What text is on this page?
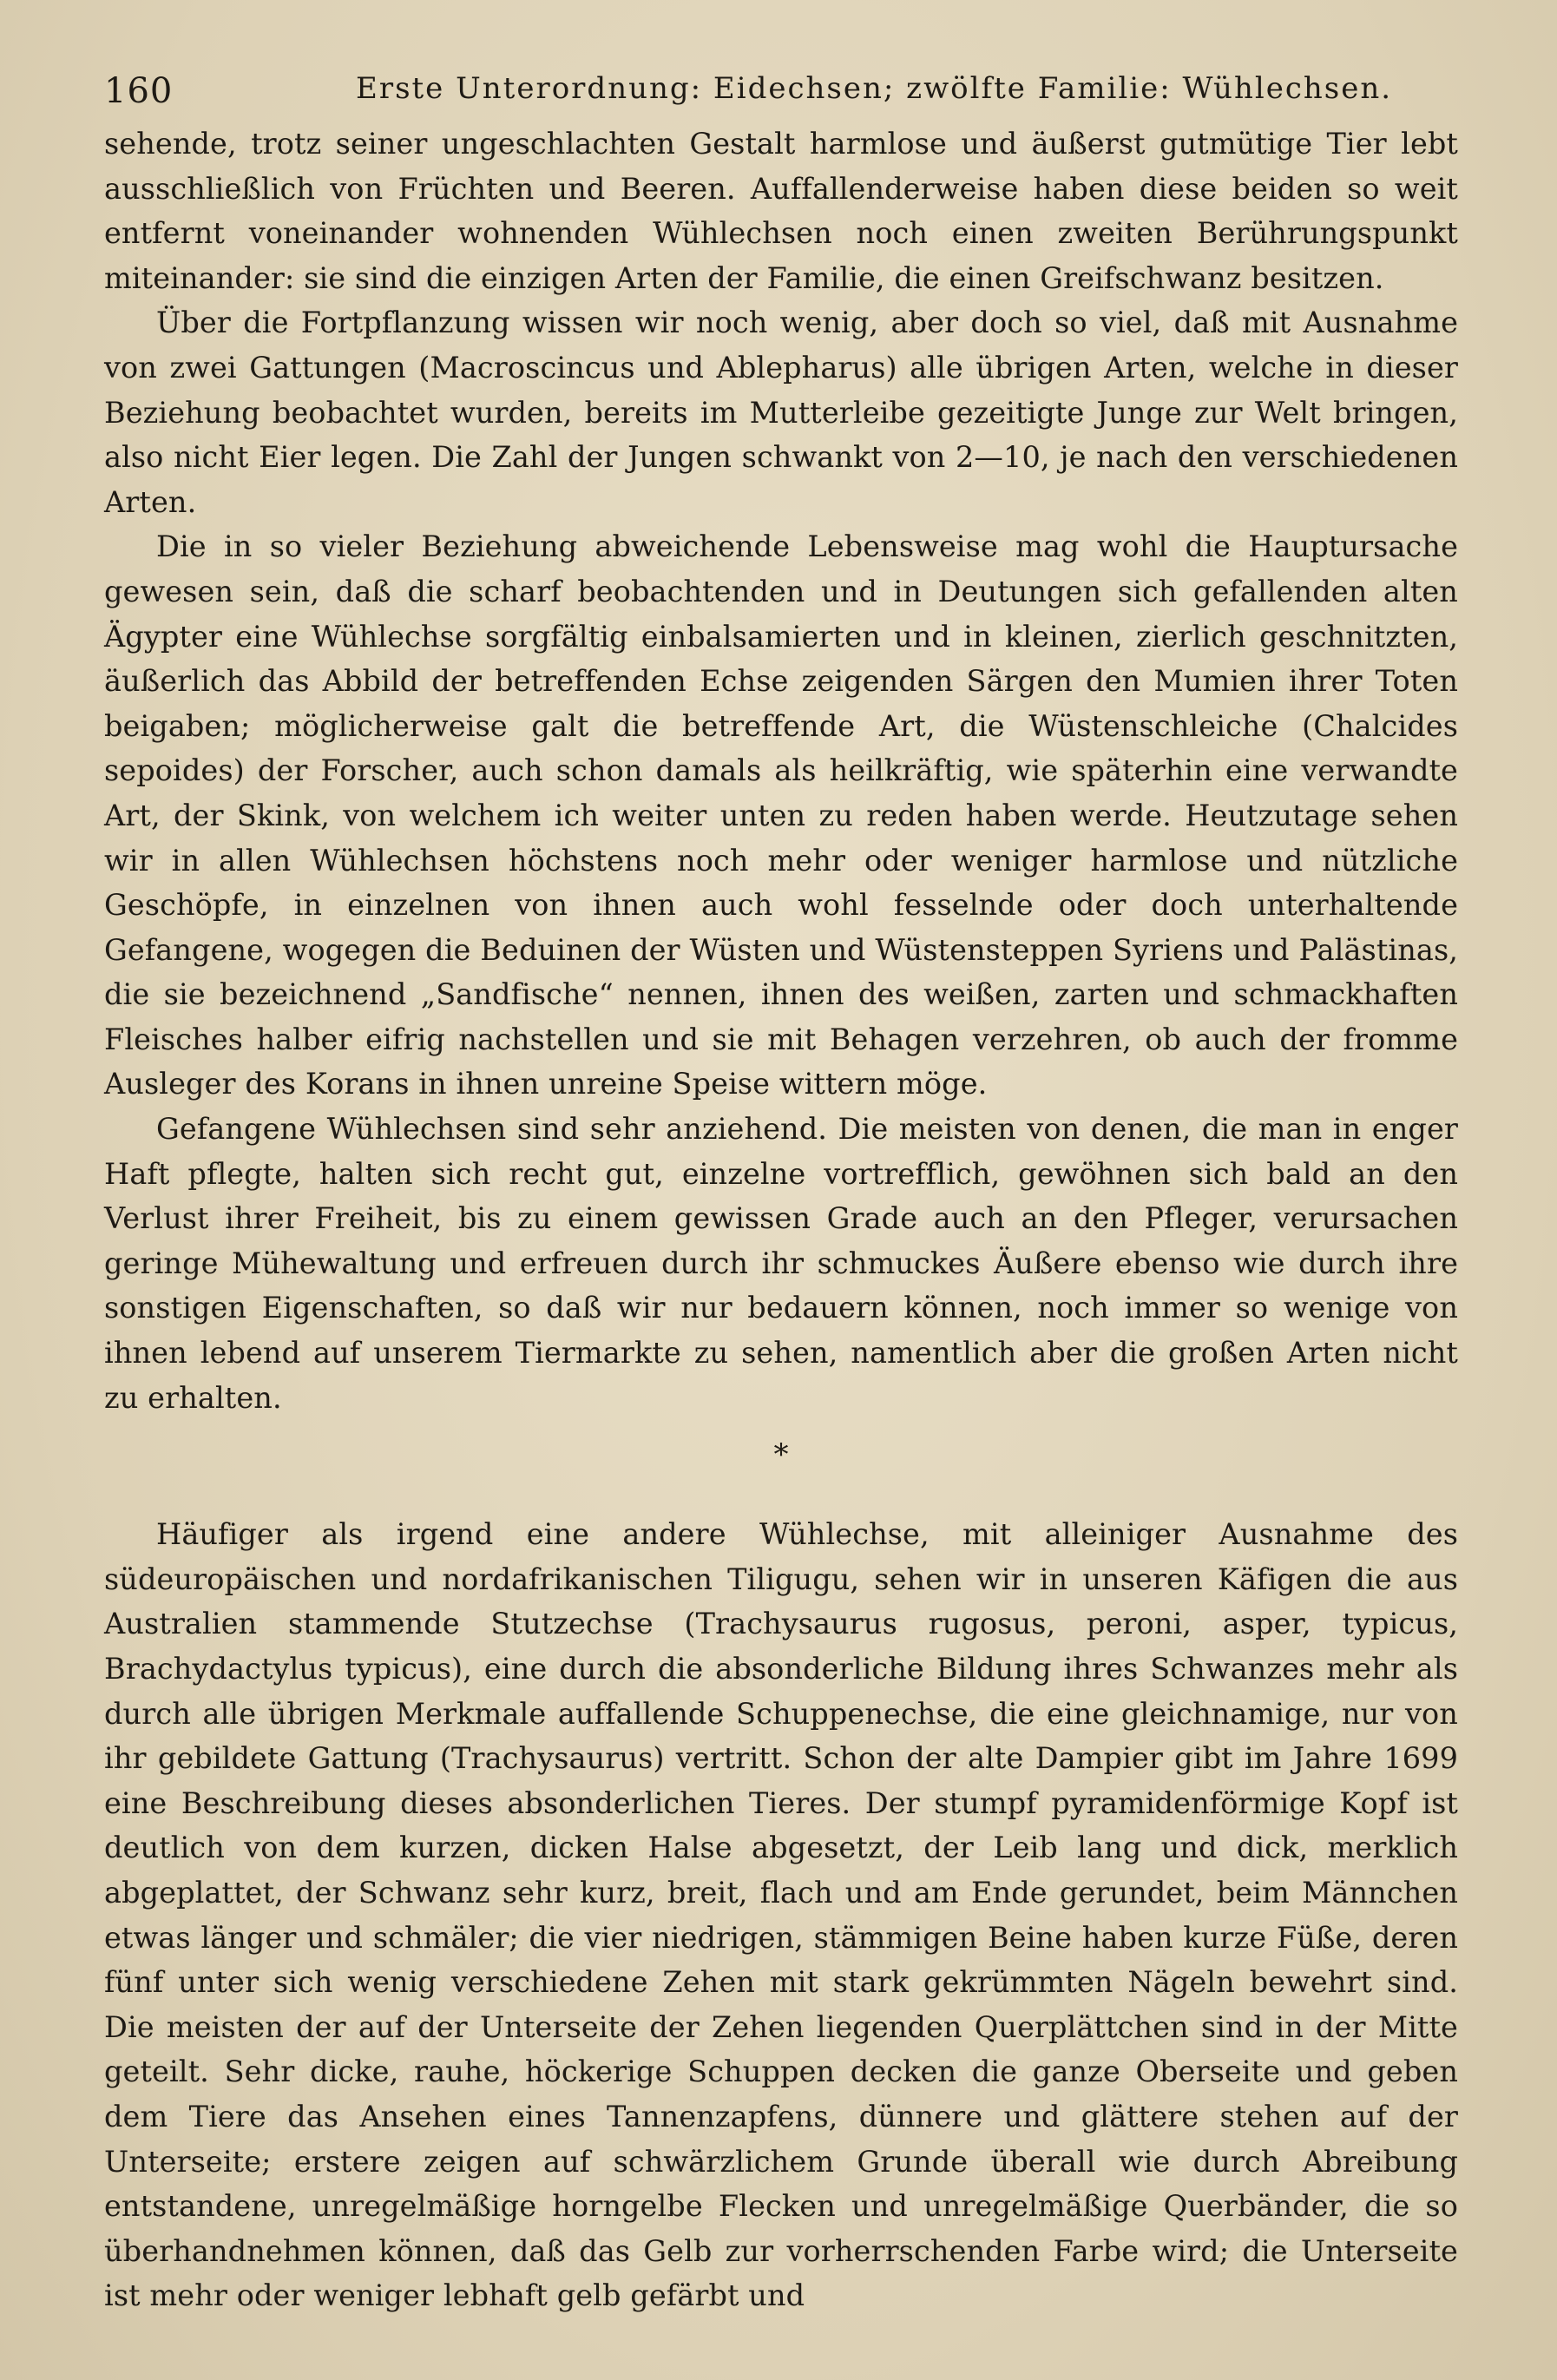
160	Erste Unterordnung: Eidechsen; zwölfte Familie: Wühlechsen.

sehende, trotz seiner ungeschlachten Gestalt harmlose und äußerst gutmütige Tier lebt ausschließlich von Früchten und Beeren. Auffallenderweise haben diese beiden so weit entfernt voneinander wohnenden Wühlechsen noch einen zweiten Berührungspunkt miteinander: sie sind die einzigen Arten der Familie, die einen Greifschwanz besitzen.

Über die Fortpflanzung wissen wir noch wenig, aber doch so viel, daß mit Ausnahme von zwei Gattungen (Macroscincus und Ablepharus) alle übrigen Arten, welche in dieser Beziehung beobachtet wurden, bereits im Mutterleibe gezeitigte Junge zur Welt bringen, also nicht Eier legen. Die Zahl der Jungen schwankt von 2—10, je nach den verschiedenen Arten.

Die in so vieler Beziehung abweichende Lebensweise mag wohl die Hauptursache gewesen sein, daß die scharf beobachtenden und in Deutungen sich gefallenden alten Ägypter eine Wühlechse sorgfältig einbalsamierten und in kleinen, zierlich geschnitzten, äußerlich das Abbild der betreffenden Echse zeigenden Särgen den Mumien ihrer Toten beigaben; möglicherweise galt die betreffende Art, die Wüstenschleiche (Chalcides sepoides) der Forscher, auch schon damals als heilkräftig, wie späterhin eine verwandte Art, der Skink, von welchem ich weiter unten zu reden haben werde. Heutzutage sehen wir in allen Wühlechsen höchstens noch mehr oder weniger harmlose und nützliche Geschöpfe, in einzelnen von ihnen auch wohl fesselnde oder doch unterhaltende Gefangene, wogegen die Beduinen der Wüsten und Wüstensteppen Syriens und Palästinas, die sie bezeichnend „Sandfische“ nennen, ihnen des weißen, zarten und schmackhaften Fleisches halber eifrig nachstellen und sie mit Behagen verzehren, ob auch der fromme Ausleger des Korans in ihnen unreine Speise wittern möge.

Gefangene Wühlechsen sind sehr anziehend. Die meisten von denen, die man in enger Haft pflegte, halten sich recht gut, einzelne vortrefflich, gewöhnen sich bald an den Verlust ihrer Freiheit, bis zu einem gewissen Grade auch an den Pfleger, verursachen geringe Mühewaltung und erfreuen durch ihr schmuckes Äußere ebenso wie durch ihre sonstigen Eigenschaften, so daß wir nur bedauern können, noch immer so wenige von ihnen lebend auf unserem Tiermarkte zu sehen, namentlich aber die großen Arten nicht zu erhalten.

*

Häufiger als irgend eine andere Wühlechse, mit alleiniger Ausnahme des südeuropäischen und nordafrikanischen Tiligugu, sehen wir in unseren Käfigen die aus Australien stammende Stutzechse (Trachysaurus rugosus, peroni, asper, typicus, Brachydactylus typicus), eine durch die absonderliche Bildung ihres Schwanzes mehr als durch alle übrigen Merkmale auffallende Schuppenechse, die eine gleichnamige, nur von ihr gebildete Gattung (Trachysaurus) vertritt. Schon der alte Dampier gibt im Jahre 1699 eine Beschreibung dieses absonderlichen Tieres. Der stumpf pyramidenförmige Kopf ist deutlich von dem kurzen, dicken Halse abgesetzt, der Leib lang und dick, merklich abgeplattet, der Schwanz sehr kurz, breit, flach und am Ende gerundet, beim Männchen etwas länger und schmäler; die vier niedrigen, stämmigen Beine haben kurze Füße, deren fünf unter sich wenig verschiedene Zehen mit stark gekrümmten Nägeln bewehrt sind. Die meisten der auf der Unterseite der Zehen liegenden Querplättchen sind in der Mitte geteilt. Sehr dicke, rauhe, höckerige Schuppen decken die ganze Oberseite und geben dem Tiere das Ansehen eines Tannenzapfens, dünnere und glättere stehen auf der Unterseite; erstere zeigen auf schwärzlichem Grunde überall wie durch Abreibung entstandene, unregelmäßige horngelbe Flecken und unregelmäßige Querbänder, die so überhandnehmen können, daß das Gelb zur vorherrschenden Farbe wird; die Unterseite ist mehr oder weniger lebhaft gelb gefärbt und
